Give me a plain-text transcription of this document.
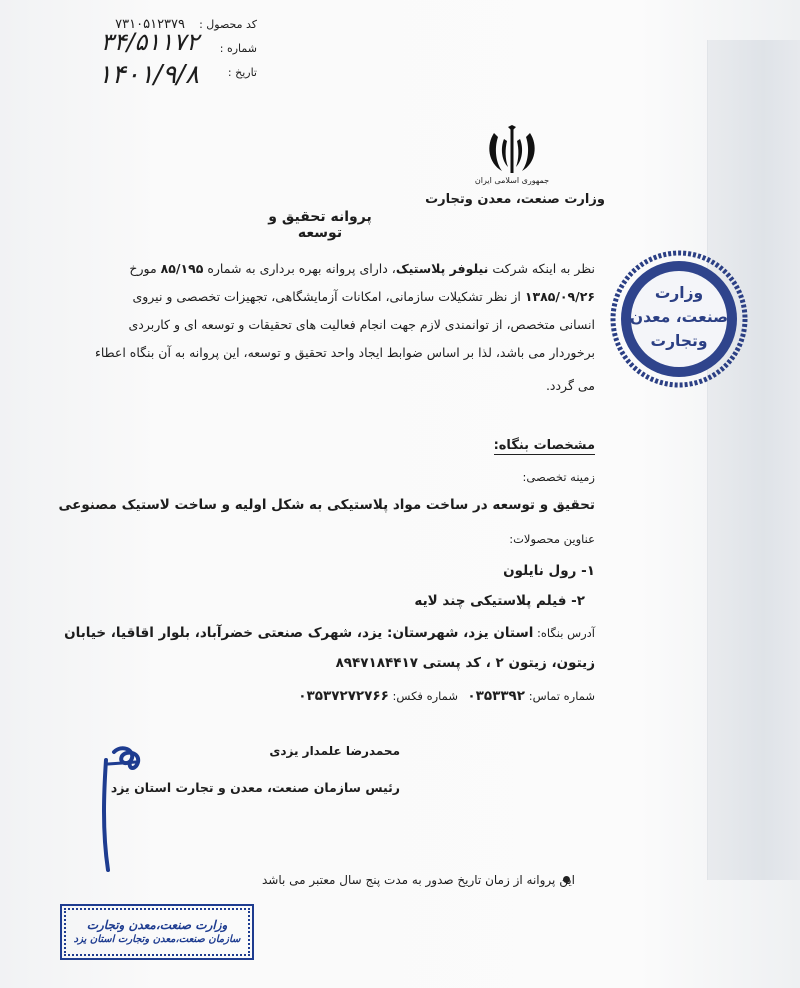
کد محصول :
۷۳۱۰۵۱۲۳۷۹
شماره :
۳۴/۵۱۱۷۲
تاریخ :
۱۴۰۱/۹/۸
جمهوری اسلامی ایران
وزارت صنعت، معدن وتجارت
پروانه تحقیق و توسعه
نظر به اینکه شرکت نیلوفر پلاستیک، دارای پروانه بهره برداری به شماره ۸۵/۱۹۵ مورخ
۱۳۸۵/۰۹/۲۶ از نظر تشکیلات سازمانی، امکانات آزمایشگاهی، تجهیزات تخصصی و نیروی
انسانی متخصص، از توانمندی لازم جهت انجام فعالیت های تحقیقات و توسعه ای و کاربردی
برخوردار می باشد، لذا بر اساس ضوابط ایجاد واحد تحقیق و توسعه، این پروانه به آن بنگاه اعطاء
می گردد.
وزارت
صنعت، معدن
وتجارت
مشخصات بنگاه:
زمینه تخصصی:
تحقیق و توسعه در ساخت مواد پلاستیکی به شکل اولیه و ساخت لاستیک مصنوعی
عناوین محصولات:
۱- رول نایلون
۲- فیلم پلاستیکی چند لایه
آدرس بنگاه: استان یزد، شهرستان: یزد، شهرک صنعتی خضرآباد، بلوار اقاقیا، خیابان
زیتون، زیتون ۲ ، کد پستی ۸۹۴۷۱۸۴۴۱۷
شماره تماس: ۰۳۵۳۳۹۲  شماره فکس: ۰۳۵۳۷۲۷۲۷۶۶
محمدرضا علمدار یزدی
رئیس سازمان صنعت، معدن و تجارت استان یزد
این پروانه از زمان تاریخ صدور به مدت پنج سال معتبر می باشد
وزارت صنعت،معدن وتجارت
سازمان صنعت،معدن وتجارت استان یزد
